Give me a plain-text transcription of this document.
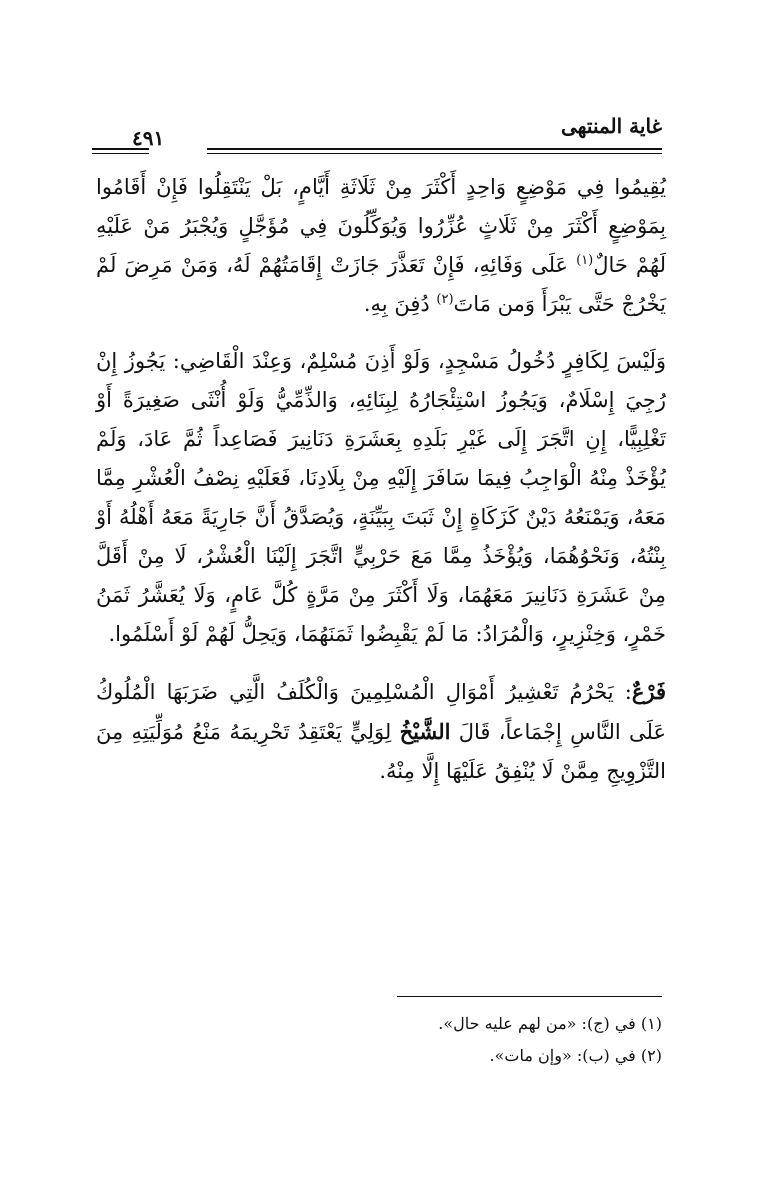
غاية المنتهى
٤٩١

يُقِيمُوا فِي مَوْضِعٍ وَاحِدٍ أَكْثَرَ مِنْ ثَلَاثَةِ أَيَّامٍ، بَلْ يَنْتَقِلُوا فَإِنْ أَقَامُوا بِمَوْضِعٍ أَكْثَرَ مِنْ ثَلَاثٍ عُزِّرُوا وَيُوَكِّلُونَ فِي مُؤَجَّلٍ وَيُجْبَرُ مَنْ عَلَيْهِ لَهُمْ حَالٌ$^{(١)}$ عَلَى وَفَائِهِ، فَإِنْ تَعَذَّرَ جَازَتْ إِقَامَتُهُمْ لَهُ، وَمَنْ مَرِضَ لَمْ يَخْرُجْ حَتَّى يَبْرَأَ وَمن مَاتَ$^{(٢)}$ دُفِنَ بِهِ.

وَلَيْسَ لِكَافِرٍ دُخُولُ مَسْجِدٍ، وَلَوْ أَذِنَ مُسْلِمٌ، وَعِنْدَ الْقَاضِي: يَجُوزُ إِنْ رُجِيَ إِسْلَامٌ، وَيَجُوزُ اسْتِئْجَارُهُ لِبِنَائِهِ، وَالذِّمِّيُّ وَلَوْ أُنْثَى صَغِيرَةً أَوْ تَغْلِبِيًّا، إِنِ اتَّجَرَ إِلَى غَيْرِ بَلَدِهِ بِعَشَرَةِ دَنَانِيرَ فَصَاعِداً ثُمَّ عَادَ، وَلَمْ يُؤْخَذْ مِنْهُ الْوَاجِبُ فِيمَا سَافَرَ إِلَيْهِ مِنْ بِلَادِنَا، فَعَلَيْهِ نِصْفُ الْعُشْرِ مِمَّا مَعَهُ، وَيَمْنَعُهُ دَيْنٌ كَزَكَاةٍ إِنْ ثَبَتَ بِبَيِّنَةٍ، وَيُصَدَّقُ أَنَّ جَارِيَةً مَعَهُ أَهْلُهُ أَوْ بِنْتُهُ، وَنَحْوُهُمَا، وَيُؤْخَذُ مِمَّا مَعَ حَرْبِيٍّ اتَّجَرَ إِلَيْنَا الْعُشْرُ، لَا مِنْ أَقَلَّ مِنْ عَشَرَةِ دَنَانِيرَ مَعَهُمَا، وَلَا أَكْثَرَ مِنْ مَرَّةٍ كُلَّ عَامٍ، وَلَا يُعَشَّرُ ثَمَنُ خَمْرٍ، وَخِنْزِيرٍ، وَالْمُرَادُ: مَا لَمْ يَقْبِضُوا ثَمَنَهُمَا، وَيَحِلُّ لَهُمْ لَوْ أَسْلَمُوا.

فَرْعٌ: يَحْرُمُ تَعْشِيرُ أَمْوَالِ الْمُسْلِمِينَ وَالْكُلَفُ الَّتِي ضَرَبَهَا الْمُلُوكُ عَلَى النَّاسِ إِجْمَاعاً، قَالَ الشَّيْخُ لِوَلِيٍّ يَعْتَقِدُ تَحْرِيمَهُ مَنْعُ مُوَلِّيَتِهِ مِنَ التَّزْوِيجِ مِمَّنْ لَا يُنْفِقُ عَلَيْهَا إِلَّا مِنْهُ.

(١) في (ج): «من لهم عليه حال».
(٢) في (ب): «وإن مات».
